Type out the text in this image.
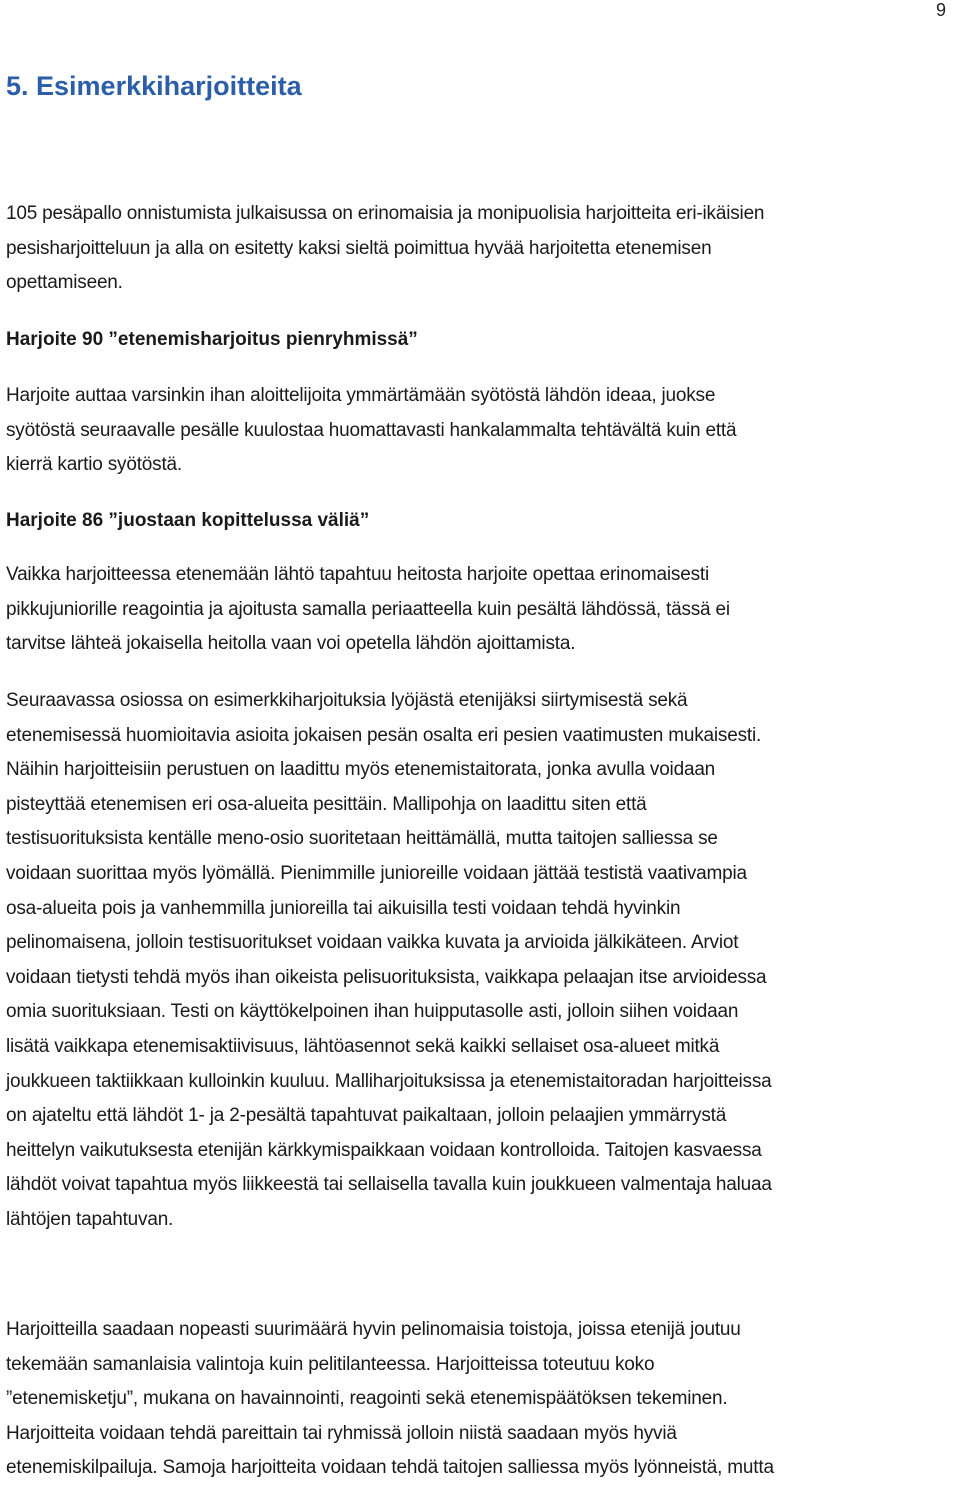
9
5. Esimerkkiharjoitteita
105 pesäpallo onnistumista julkaisussa on erinomaisia ja monipuolisia harjoitteita eri-ikäisien
pesisharjoitteluun ja alla on esitetty kaksi sieltä poimittua hyvää harjoitetta etenemisen
opettamiseen.
Harjoite 90 ”etenemisharjoitus pienryhmissä”
Harjoite auttaa varsinkin ihan aloittelijoita ymmärtämään syötöstä lähdön ideaa, juokse
syötöstä seuraavalle pesälle kuulostaa huomattavasti hankalammalta tehtävältä kuin että
kierrä kartio syötöstä.
Harjoite 86 ”juostaan kopittelussa väliä”
Vaikka harjoitteessa etenemään lähtö tapahtuu heitosta harjoite opettaa erinomaisesti
pikkujuniorille reagointia ja ajoitusta samalla periaatteella kuin pesältä lähdössä, tässä ei
tarvitse lähteä jokaisella heitolla vaan voi opetella lähdön ajoittamista.
Seuraavassa osiossa on esimerkkiharjoituksia lyöjästä etenijäksi siirtymisestä sekä
etenemisessä huomioitavia asioita jokaisen pesän osalta eri pesien vaatimusten mukaisesti.
Näihin harjoitteisiin perustuen on laadittu myös etenemistaitorata, jonka avulla voidaan
pisteyttää etenemisen eri osa-alueita pesittäin. Mallipohja on laadittu siten että
testisuorituksista kentälle meno-osio suoritetaan heittämällä, mutta taitojen salliessa se
voidaan suorittaa myös lyömällä. Pienimmille junioreille voidaan jättää testistä vaativampia
osa-alueita pois ja vanhemmilla junioreilla tai aikuisilla testi voidaan tehdä hyvinkin
pelinomaisena, jolloin testisuoritukset voidaan vaikka kuvata ja arvioida jälkikäteen. Arviot
voidaan tietysti tehdä myös ihan oikeista pelisuorituksista, vaikkapa pelaajan itse arvioidessa
omia suorituksiaan. Testi on käyttökelpoinen ihan huipputasolle asti, jolloin siihen voidaan
lisätä vaikkapa etenemisaktiivisuus, lähtöasennot sekä kaikki sellaiset osa-alueet mitkä
joukkueen taktiikkaan kulloinkin kuuluu. Malliharjoituksissa ja etenemistaitoradan harjoitteissa
on ajateltu että lähdöt 1- ja 2-pesältä tapahtuvat paikaltaan, jolloin pelaajien ymmärrystä
heittelyn vaikutuksesta etenijän kärkkymispaikkaan voidaan kontrolloida. Taitojen kasvaessa
lähdöt voivat tapahtua myös liikkeestä tai sellaisella tavalla kuin joukkueen valmentaja haluaa
lähtöjen tapahtuvan.
Harjoitteilla saadaan nopeasti suurimäärä hyvin pelinomaisia toistoja, joissa etenijä joutuu
tekemään samanlaisia valintoja kuin pelitilanteessa. Harjoitteissa toteutuu koko
”etenemisketju”, mukana on havainnointi, reagointi sekä etenemispäätöksen tekeminen.
Harjoitteita voidaan tehdä pareittain tai ryhmissä jolloin niistä saadaan myös hyviä
etenemiskilpailuja. Samoja harjoitteita voidaan tehdä taitojen salliessa myös lyönneistä, mutta
